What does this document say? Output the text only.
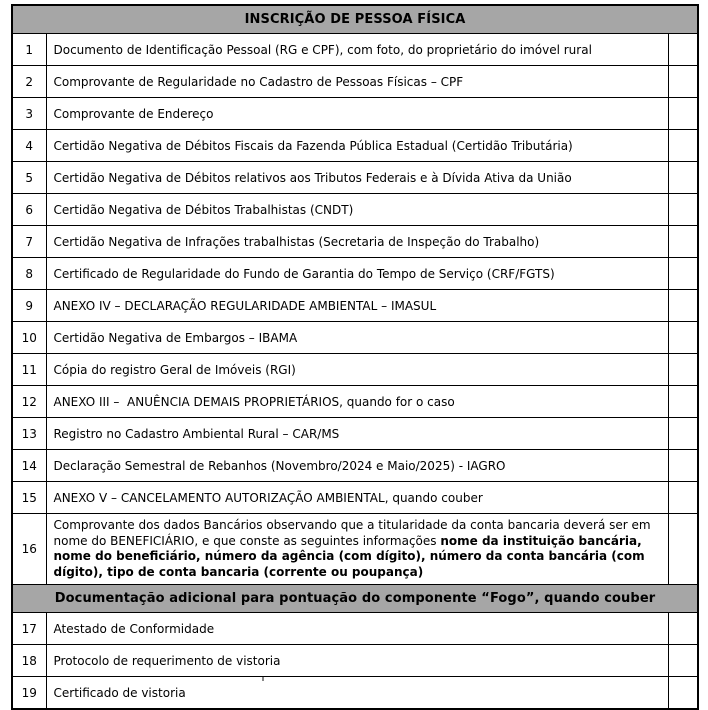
INSCRIÇÃO DE PESSOA FÍSICA		
1	Documento de Identificação Pessoal (RG e CPF), com foto, do proprietário do imóvel rural	
2	Comprovante de Regularidade no Cadastro de Pessoas Físicas – CPF	
3	Comprovante de Endereço	
4	Certidão Negativa de Débitos Fiscais da Fazenda Pública Estadual (Certidão Tributária)	
5	Certidão Negativa de Débitos relativos aos Tributos Federais e à Dívida Ativa da União	
6	Certidão Negativa de Débitos Trabalhistas (CNDT)	
7	Certidão Negativa de Infrações trabalhistas (Secretaria de Inspeção do Trabalho)	
8	Certificado de Regularidade do Fundo de Garantia do Tempo de Serviço (CRF/FGTS)	
9	ANEXO IV – DECLARAÇÃO REGULARIDADE AMBIENTAL – IMASUL	
10	Certidão Negativa de Embargos – IBAMA	
11	Cópia do registro Geral de Imóveis (RGI)	
12	ANEXO III –  ANUÊNCIA DEMAIS PROPRIETÁRIOS, quando for o caso	
13	Registro no Cadastro Ambiental Rural – CAR/MS	
14	Declaração Semestral de Rebanhos (Novembro/2024 e Maio/2025) - IAGRO	
15	ANEXO V – CANCELAMENTO AUTORIZAÇÃO AMBIENTAL, quando couber	
16	Comprovante dos dados Bancários observando que a titularidade da conta bancaria deverá ser em nome do BENEFICIÁRIO, e que conste as seguintes informações nome da instituição bancária, nome do beneficiário, número da agência (com dígito), número da conta bancária (com dígito), tipo de conta bancaria (corrente ou poupança)	
Documentação adicional para pontuação do componente “Fogo”, quando couber		
17	Atestado de Conformidade	
18	Protocolo de requerimento de vistoria	
19	Certificado de vistoria	
